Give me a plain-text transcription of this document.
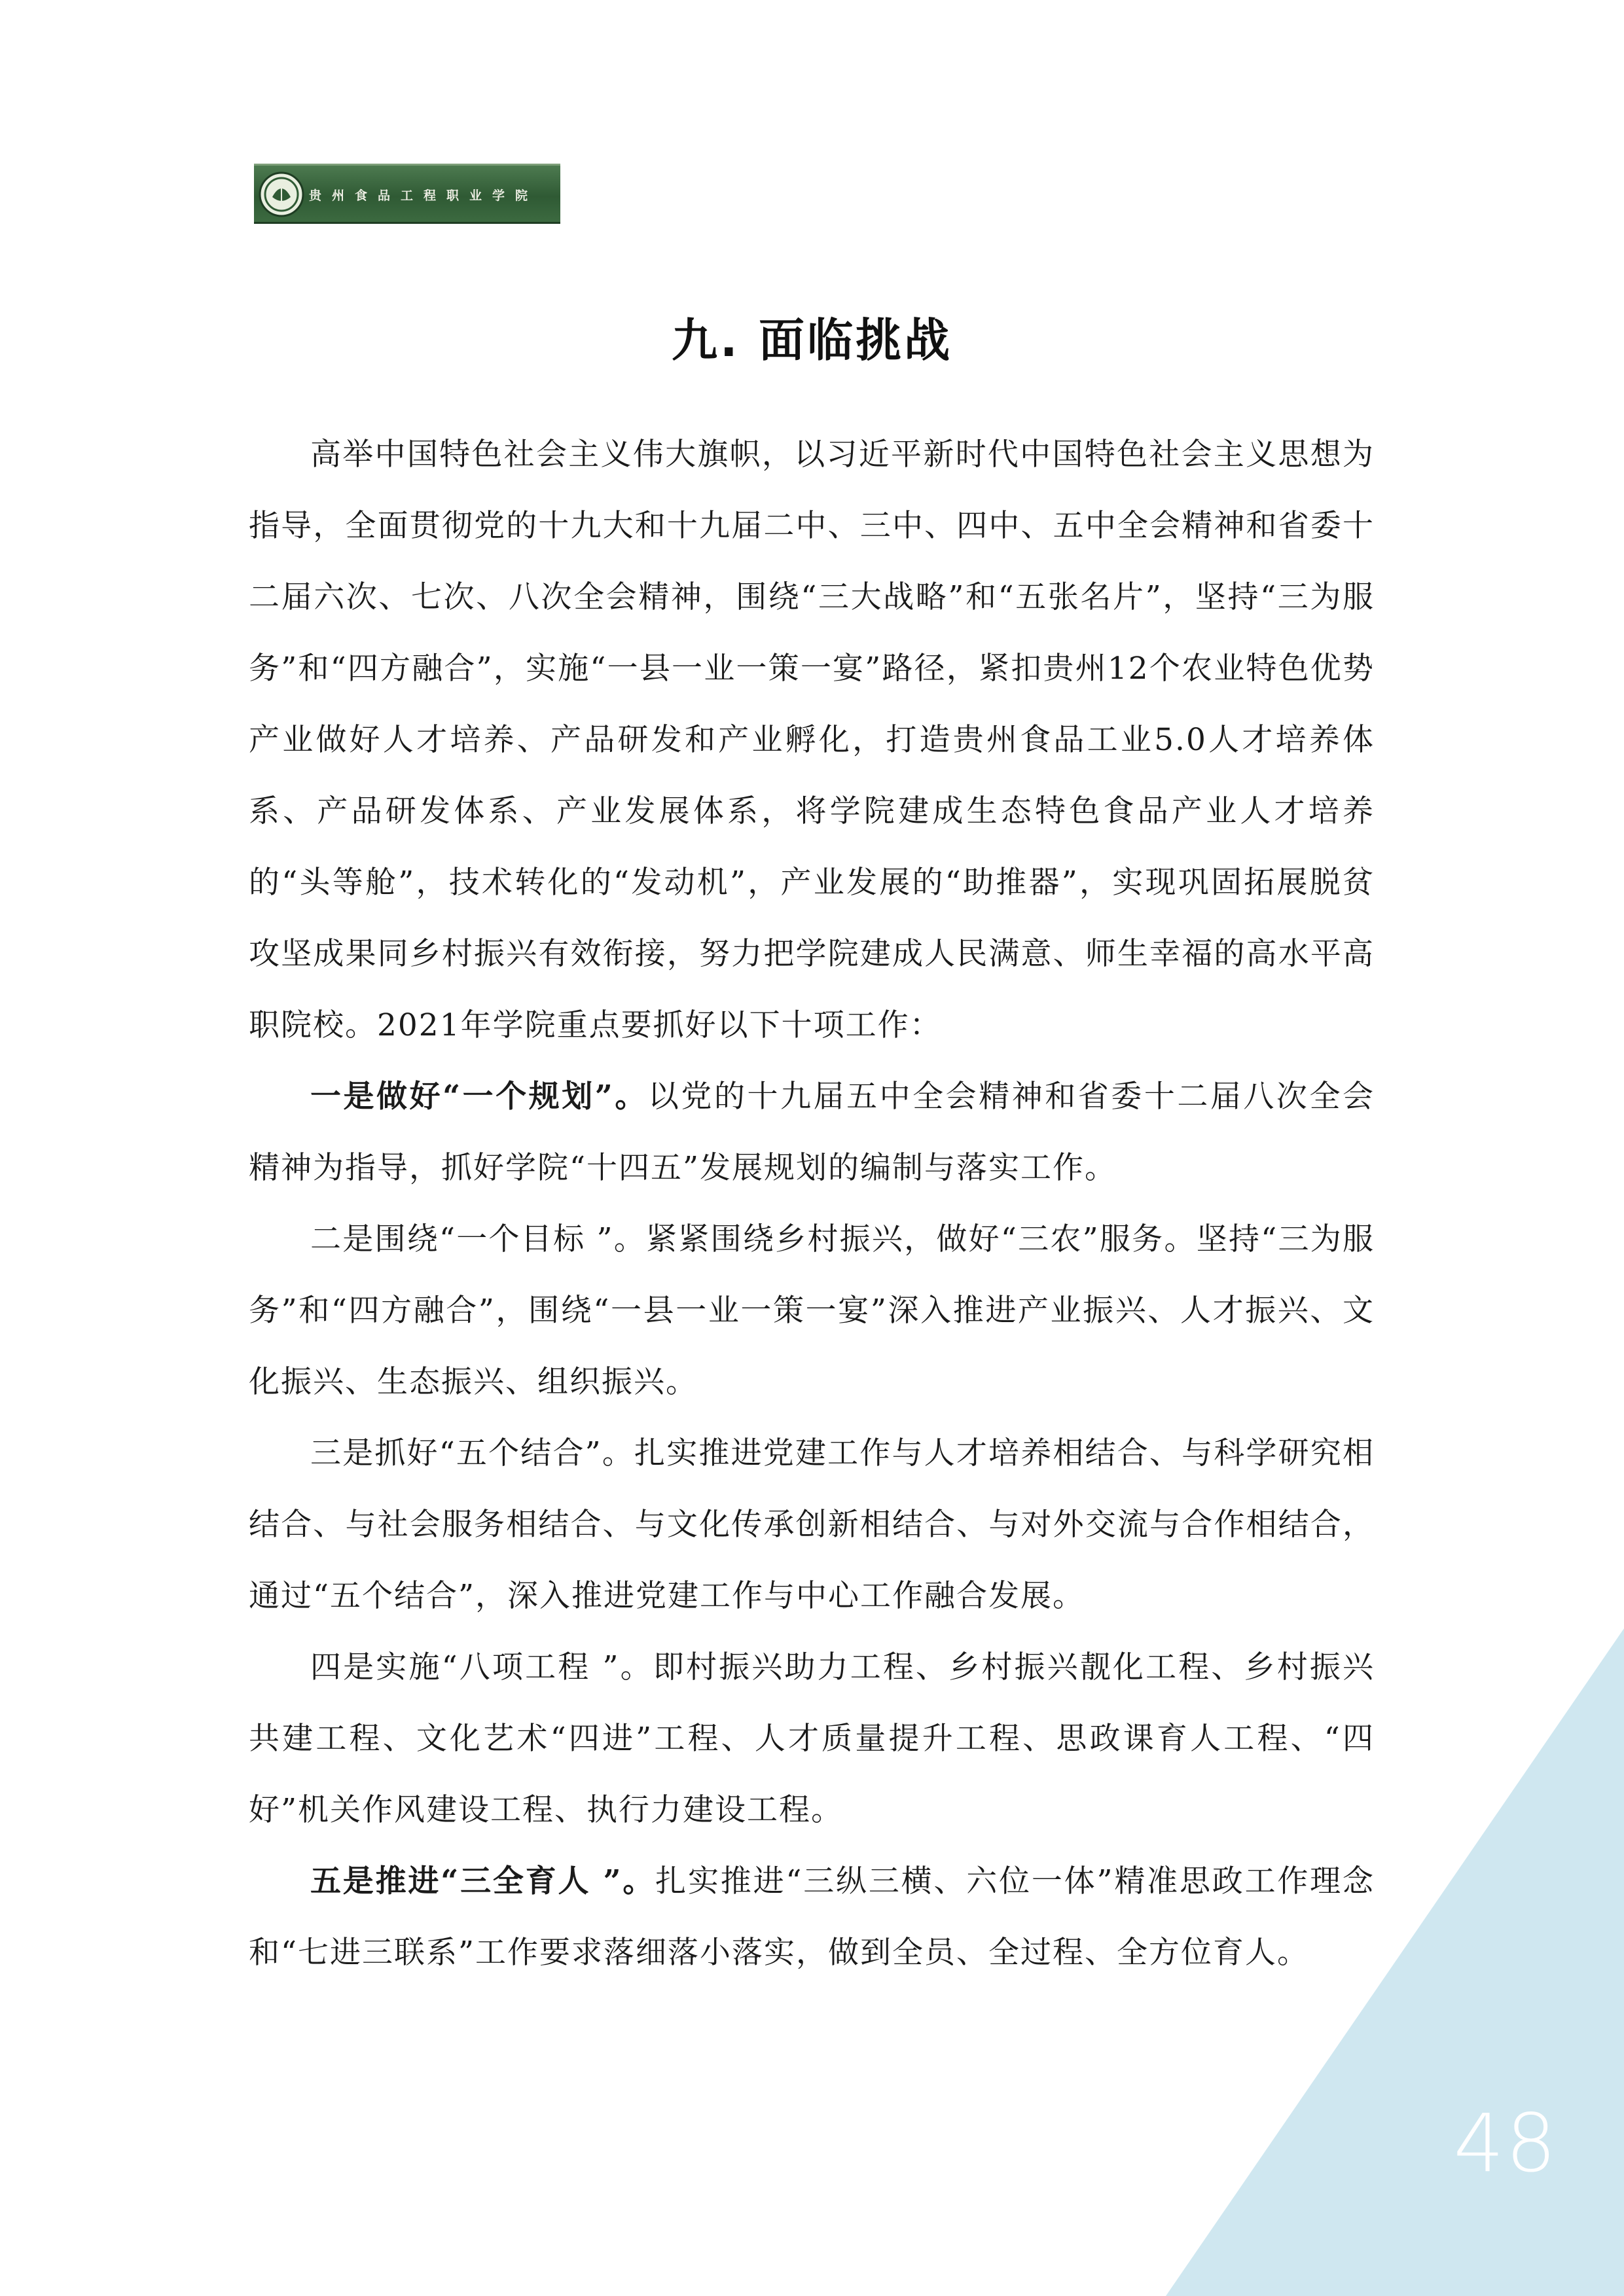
贵州食品工程职业学院
九. 面临挑战

高举中国特色社会主义伟大旗帜，以习近平新时代中国特色社会主义思想为指导，全面贯彻党的十九大和十九届二中、三中、四中、五中全会精神和省委十二届六次、七次、八次全会精神，围绕“三大战略”和“五张名片”，坚持“三为服务”和“四方融合”，实施“一县一业一策一宴”路径，紧扣贵州12个农业特色优势产业做好人才培养、产品研发和产业孵化，打造贵州食品工业5.0人才培养体系、产品研发体系、产业发展体系，将学院建成生态特色食品产业人才培养的“头等舱”，技术转化的“发动机”，产业发展的“助推器”，实现巩固拓展脱贫攻坚成果同乡村振兴有效衔接，努力把学院建成人民满意、师生幸福的高水平高职院校。2021年学院重点要抓好以下十项工作：

一是做好“一个规划”。以党的十九届五中全会精神和省委十二届八次全会精神为指导，抓好学院“十四五”发展规划的编制与落实工作。

二是围绕“一个目标 ”。紧紧围绕乡村振兴，做好“三农”服务。坚持“三为服务”和“四方融合”，围绕“一县一业一策一宴”深入推进产业振兴、人才振兴、文化振兴、生态振兴、组织振兴。

三是抓好“五个结合”。扎实推进党建工作与人才培养相结合、与科学研究相结合、与社会服务相结合、与文化传承创新相结合、与对外交流与合作相结合，通过“五个结合”，深入推进党建工作与中心工作融合发展。

四是实施“八项工程 ”。即村振兴助力工程、乡村振兴靓化工程、乡村振兴共建工程、文化艺术“四进”工程、人才质量提升工程、思政课育人工程、“四好”机关作风建设工程、执行力建设工程。

五是推进“三全育人 ”。扎实推进“三纵三横、六位一体”精准思政工作理念和“七进三联系”工作要求落细落小落实，做到全员、全过程、全方位育人。

48
